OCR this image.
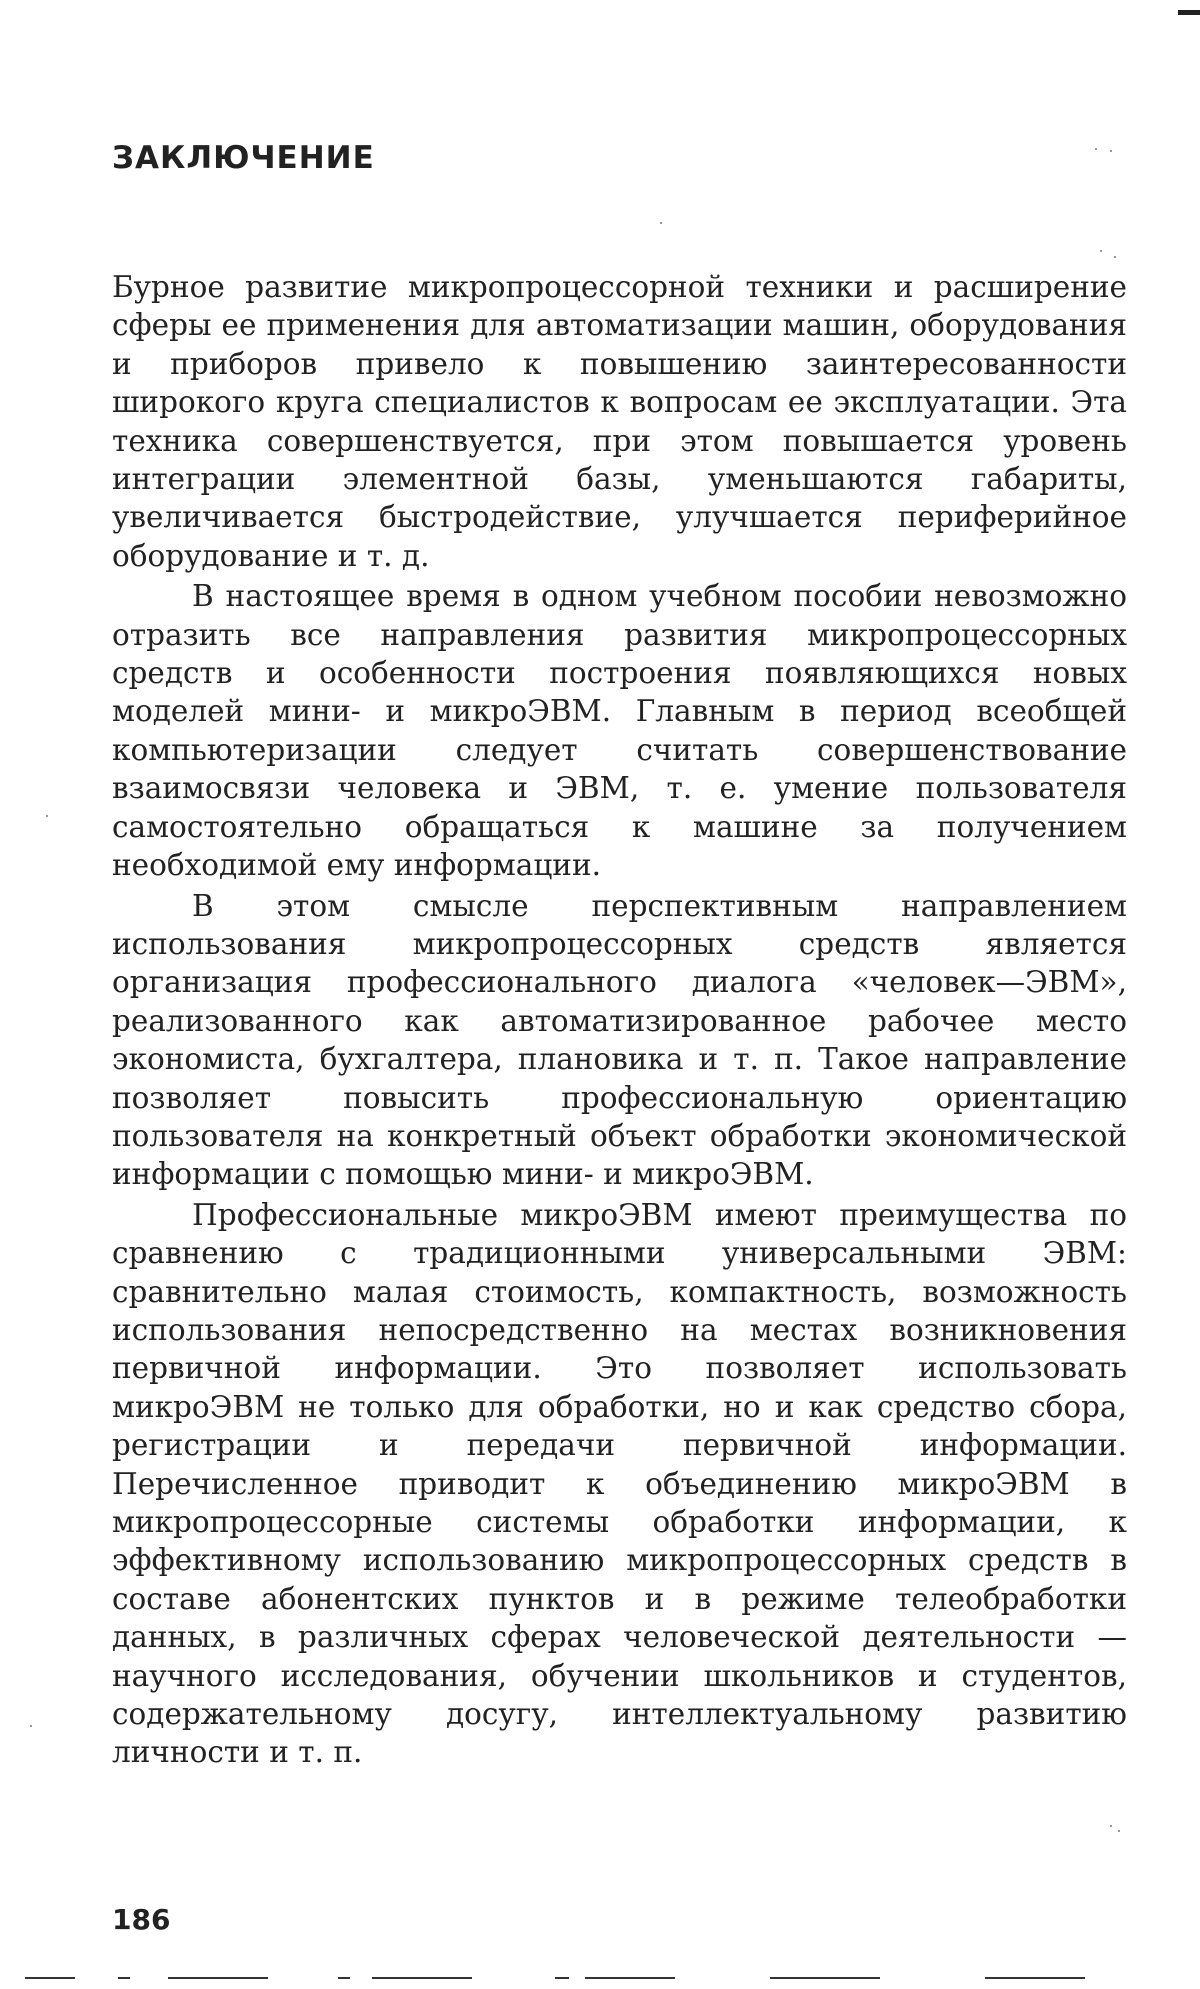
ЗАКЛЮЧЕНИЕ

Бурное развитие микропроцессорной техники и расширение сферы ее применения для автоматизации машин, оборудования и приборов привело к повышению заинтересованности широкого круга специалистов к вопросам ее эксплуатации. Эта техника совершенствуется, при этом повышается уровень интеграции элементной базы, уменьшаются габариты, увеличивается быстродействие, улучшается периферийное оборудование и т. д.

В настоящее время в одном учебном пособии невозможно отразить все направления развития микропроцессорных средств и особенности построения появляющихся новых моделей мини- и микроЭВМ. Главным в период всеобщей компьютеризации следует считать совершенствование взаимосвязи человека и ЭВМ, т. е. умение пользователя самостоятельно обращаться к машине за получением необходимой ему информации.

В этом смысле перспективным направлением использования микропроцессорных средств является организация профессионального диалога «человек—ЭВМ», реализованного как автоматизированное рабочее место экономиста, бухгалтера, плановика и т. п. Такое направление позволяет повысить профессиональную ориентацию пользователя на конкретный объект обработки экономической информации с помощью мини- и микроЭВМ.

Профессиональные микроЭВМ имеют преимущества по сравнению с традиционными универсальными ЭВМ: сравнительно малая стоимость, компактность, возможность использования непосредственно на местах возникновения первичной информации. Это позволяет использовать микроЭВМ не только для обработки, но и как средство сбора, регистрации и передачи первичной информации. Перечисленное приводит к объединению микроЭВМ в микропроцессорные системы обработки информации, к эффективному использованию микропроцессорных средств в составе абонентских пунктов и в режиме телеобработки данных, в различных сферах человеческой деятельности — научного исследования, обучении школьников и студентов, содержательному досугу, интеллектуальному развитию личности и т. п.

186
